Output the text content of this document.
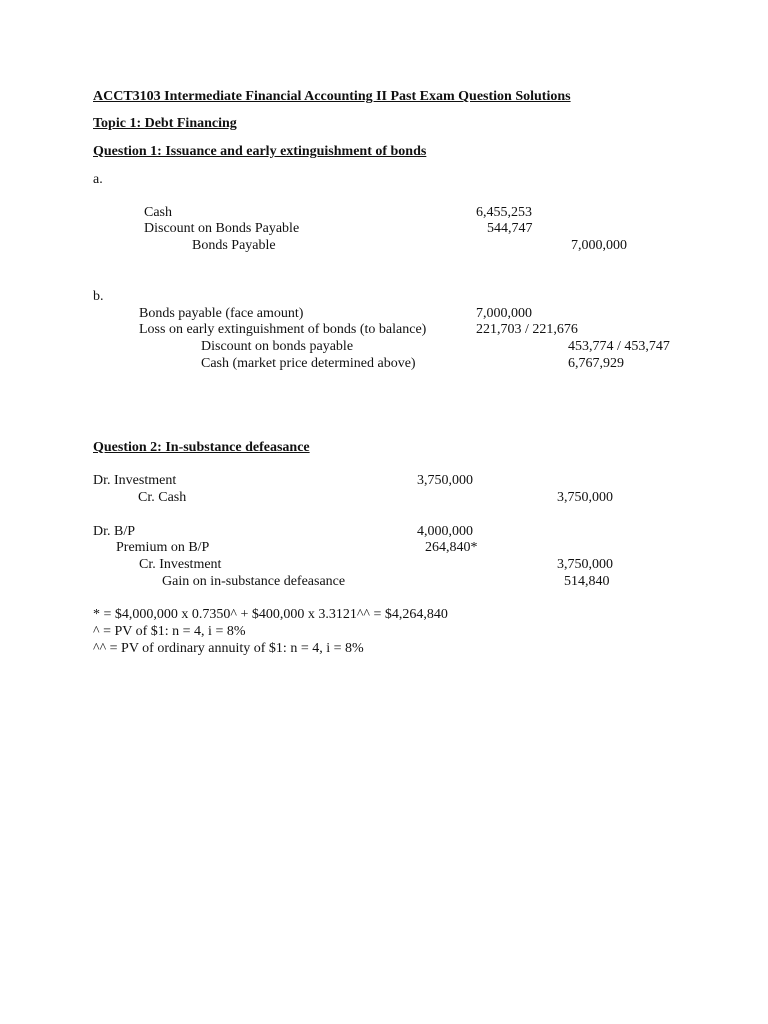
ACCT3103 Intermediate Financial Accounting II Past Exam Question Solutions
Topic 1: Debt Financing
Question 1: Issuance and early extinguishment of bonds
a.
Cash	6,455,253
Discount on Bonds Payable	544,747
Bonds Payable	7,000,000
b.
Bonds payable (face amount)	7,000,000
Loss on early extinguishment of bonds (to balance)	221,703 / 221,676
Discount on bonds payable	453,774 / 453,747
Cash (market price determined above)	6,767,929
Question 2: In-substance defeasance
Dr. Investment	3,750,000
Cr. Cash	3,750,000
Dr. B/P	4,000,000
Premium on B/P	264,840*
Cr. Investment	3,750,000
Gain on in-substance defeasance	514,840
* = $4,000,000 x 0.7350^ + $400,000 x 3.3121^^ = $4,264,840
^ = PV of $1: n = 4, i = 8%
^^ = PV of ordinary annuity of $1: n = 4, i = 8%
